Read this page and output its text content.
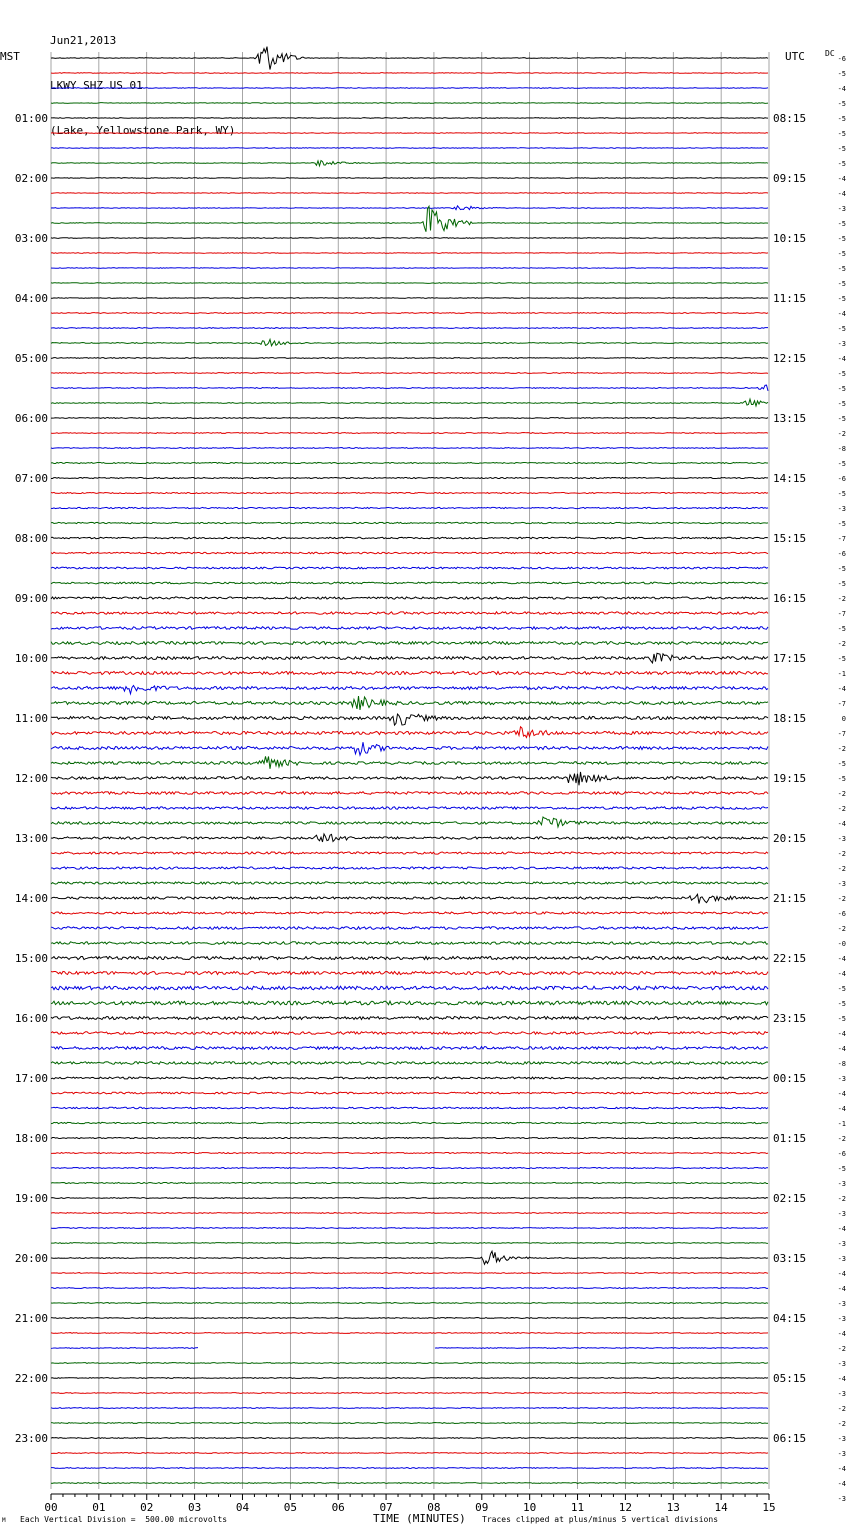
Jun21,2013

LKWY SHZ US 01

(Lake, Yellowstone Park, WY)

MST	UTC	DC
01:00
02:00
03:00
04:00
05:00
06:00
07:00
08:00
09:00
10:00
11:00
12:00
13:00
14:00
15:00
16:00
17:00
18:00
19:00
20:00
21:00
22:00
23:00
08:15
09:15
10:15
11:15
12:15
13:15
14:15
15:15
16:15
17:15
18:15
19:15
20:15
21:15
22:15
23:15
00:15
01:15
02:15
03:15
04:15
05:15
06:15
-6
-5
-4
-5
-5
-5
-5
-5
-4
-4
-3
-5
-5
-5
-5
-5
-5
-4
-5
-3
-4
-5
-5
-5
-5
-2
-8
-5
-6
-5
-3
-5
-7
-6
-5
-5
-2
-7
-5
-2
-5
-1
-4
-7
0
-7
-2
-5
-5
-2
-2
-4
-3
-2
-2
-3
-2
-6
-2
-0
-4
-4
-5
-5
-5
-4
-4
-8
-3
-4
-4
-1
-2
-6
-5
-3
-2
-3
-4
-3
-3
-4
-4
-3
-3
-4
-2
-3
-4
-3
-2
-2
-3
-3
-4
-4
-3
00	01	02	03	04	05	06	07	08	09	10	11	12	13	14	15
M Each Vertical Division =  500.00 microvolts	TIME (MINUTES) Traces clipped at plus/minus 5 vertical divisions
